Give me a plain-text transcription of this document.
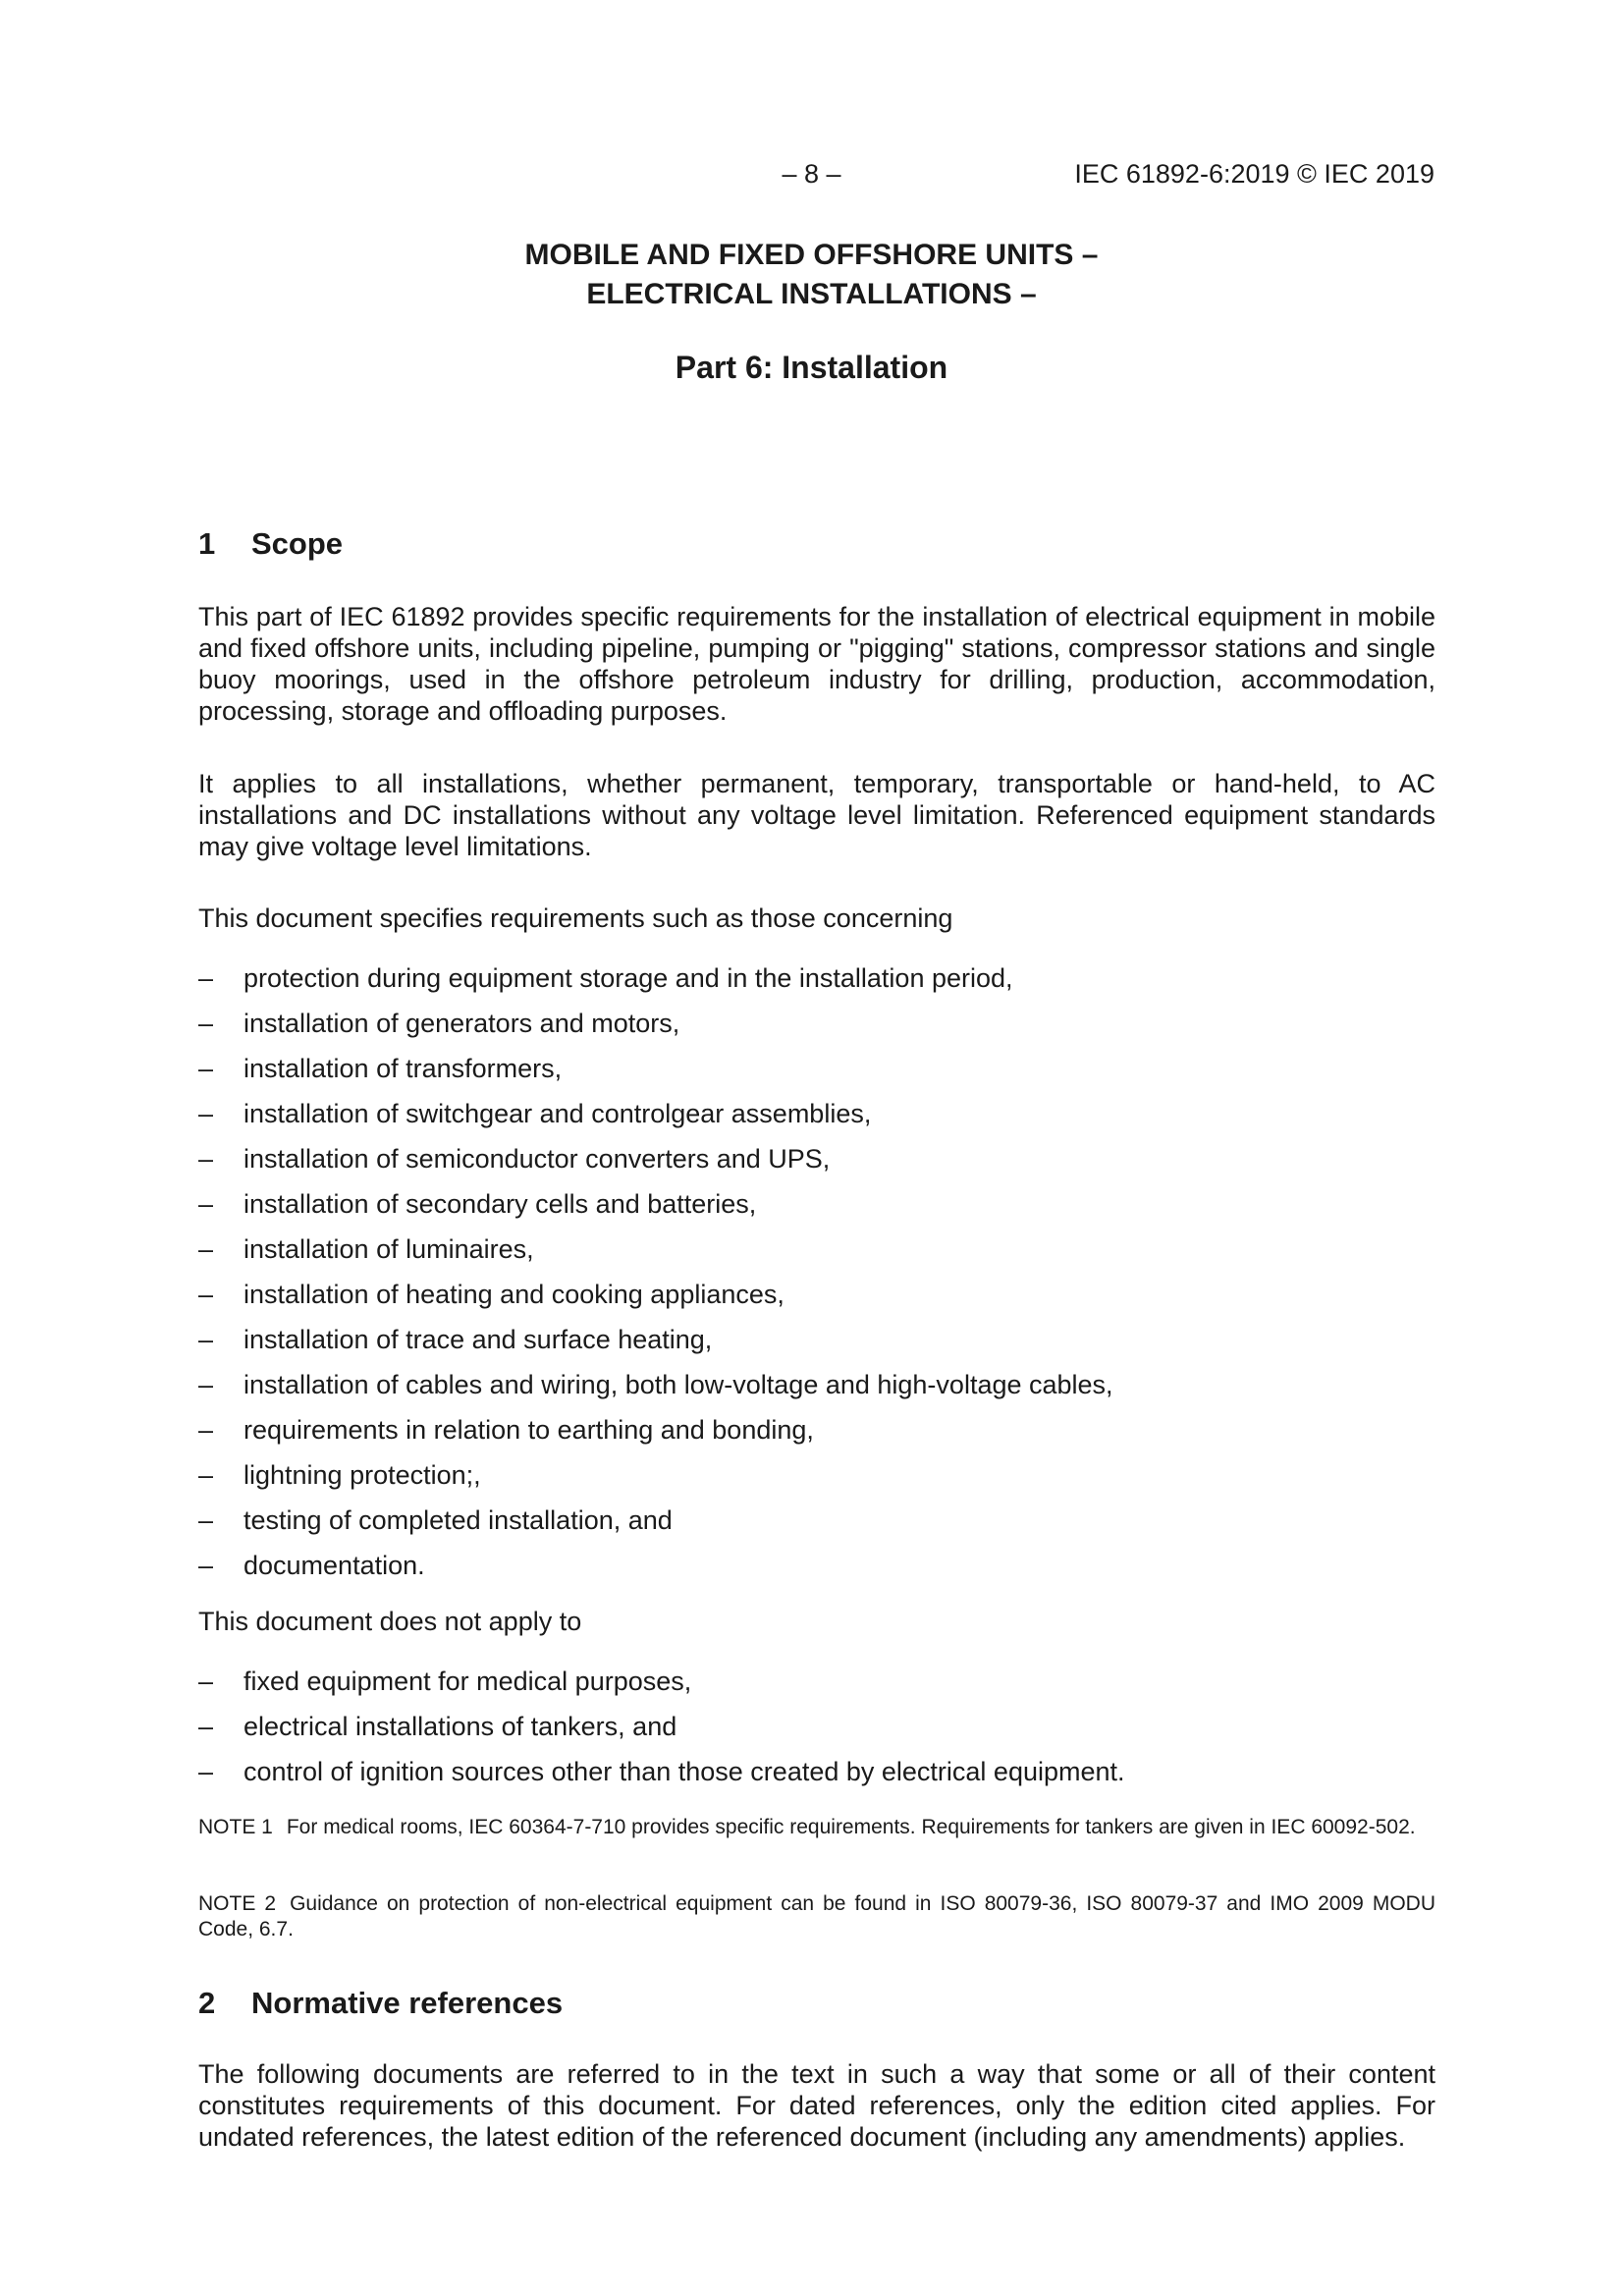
– 8 –	IEC 61892-6:2019 © IEC 2019
MOBILE AND FIXED OFFSHORE UNITS –
ELECTRICAL INSTALLATIONS –
Part 6: Installation
1 Scope
This part of IEC 61892 provides specific requirements for the installation of electrical equipment in mobile and fixed offshore units, including pipeline, pumping or "pigging" stations, compressor stations and single buoy moorings, used in the offshore petroleum industry for drilling, production, accommodation, processing, storage and offloading purposes.
It applies to all installations, whether permanent, temporary, transportable or hand-held, to AC installations and DC installations without any voltage level limitation. Referenced equipment standards may give voltage level limitations.
This document specifies requirements such as those concerning
– protection during equipment storage and in the installation period,
– installation of generators and motors,
– installation of transformers,
– installation of switchgear and controlgear assemblies,
– installation of semiconductor converters and UPS,
– installation of secondary cells and batteries,
– installation of luminaires,
– installation of heating and cooking appliances,
– installation of trace and surface heating,
– installation of cables and wiring, both low-voltage and high-voltage cables,
– requirements in relation to earthing and bonding,
– lightning protection;,
– testing of completed installation, and
– documentation.
This document does not apply to
– fixed equipment for medical purposes,
– electrical installations of tankers, and
– control of ignition sources other than those created by electrical equipment.
NOTE 1 For medical rooms, IEC 60364-7-710 provides specific requirements. Requirements for tankers are given in IEC 60092-502.
NOTE 2 Guidance on protection of non-electrical equipment can be found in ISO 80079-36, ISO 80079-37 and IMO 2009 MODU Code, 6.7.
2 Normative references
The following documents are referred to in the text in such a way that some or all of their content constitutes requirements of this document. For dated references, only the edition cited applies. For undated references, the latest edition of the referenced document (including any amendments) applies.
